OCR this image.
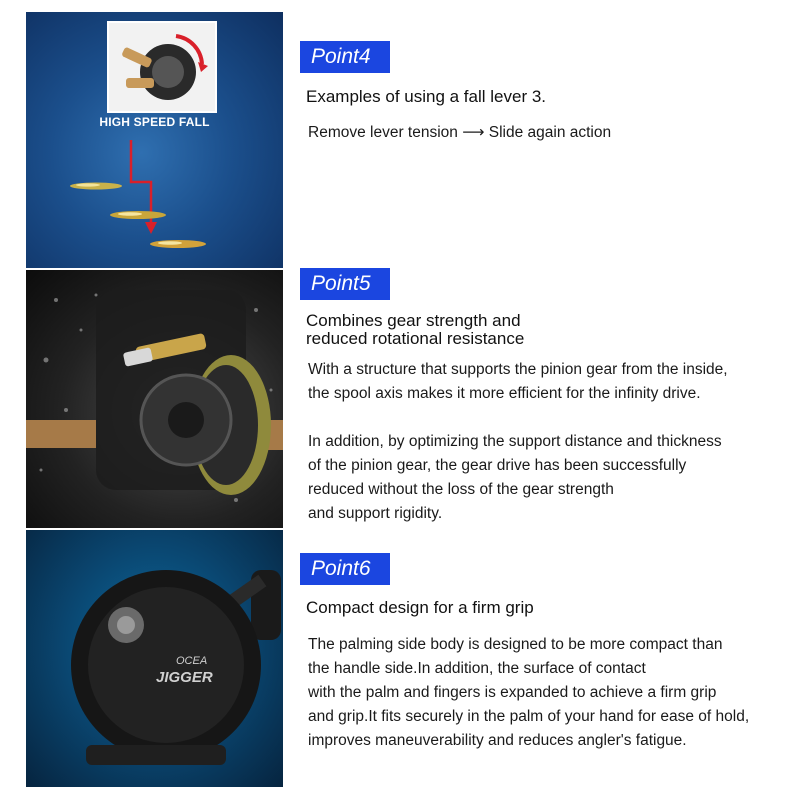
HIGH SPEED FALL
OCEA
JIGGER
Point4
Examples of using a fall lever 3.
Remove lever tension ⟶ Slide again action
Point5
Combines gear strength and
reduced rotational resistance
With a structure that supports the pinion gear from the inside,
the spool axis makes it more efficient for the infinity drive.
In addition, by optimizing the support distance and thickness
of the pinion gear, the gear drive has been successfully
reduced without the loss of the gear strength
and support rigidity.
Point6
Compact design for a firm grip
The palming side body is designed to be more compact than
the handle side.In addition, the surface of contact
with the palm and fingers is expanded to achieve a firm grip
and grip.It fits securely in the palm of your hand for ease of hold,
improves maneuverability and reduces angler's fatigue.
